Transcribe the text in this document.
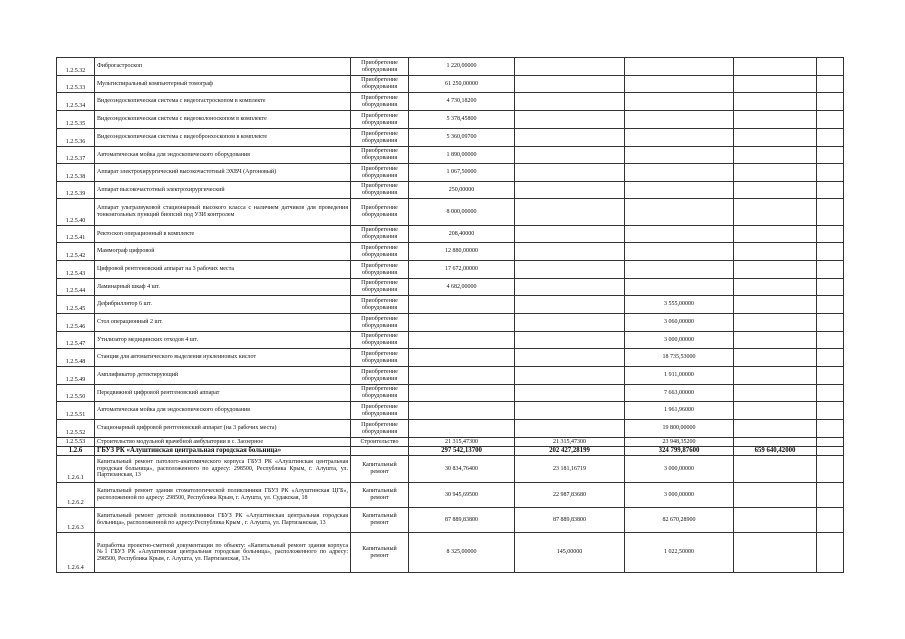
1.2.5.32	Фиброгастроскоп	Приобретение оборудования	1 220,00000				
1.2.5.33	Мультиспиральный компьютерный томограф	Приобретение оборудования	61 250,00000				
1.2.5.34	Видеоэндоскопическая система с видеогастроскопом в комплекте	Приобретение оборудования	4 730,18200				
1.2.5.35	Видеоэндоскопическая система с видеоколоноскопом в комплекте	Приобретение оборудования	5 378,45800				
1.2.5.36	Видеоэндоскопическая система с видеобронхоскопом в комплекте	Приобретение оборудования	5 360,09700				
1.2.5.37	Автоматическая мойка для эндоскопического оборудования	Приобретение оборудования	1 890,00000				
1.2.5.38	Аппарат электрохирургический высокочастотный ЭХВЧ (Аргоновый)	Приобретение оборудования	1 067,50000				
1.2.5.39	Аппарат высокочастотный электрохирургический	Приобретение оборудования	250,00000				
1.2.5.40	Аппарат ультразвуковой стационарный высокого класса с наличием датчиков для проведения тонкоигольных пункций биопсий под УЗИ контролем	Приобретение оборудования	8 000,00000				
1.2.5.41	Ректоскоп операционный в комплекте	Приобретение оборудования	208,40000				
1.2.5.42	Маммограф цифровой	Приобретение оборудования	12 880,00000				
1.2.5.43	Цифровой рентгеновский аппарат на 3 рабочих места	Приобретение оборудования	17 672,00000				
1.2.5.44	Ламинарный шкаф 4 шт.	Приобретение оборудования	4 682,00000				
1.2.5.45	Дефибриллятор 6 шт.	Приобретение оборудования			3 555,00000		
1.2.5.46	Стол операционный 2 шт.	Приобретение оборудования			3 060,00000		
1.2.5.47	Утилизатор медицинских отходов 4 шт.	Приобретение оборудования			3 000,00000		
1.2.5.48	Станция для автоматического выделения нуклеиновых кислот	Приобретение оборудования			18 735,53000		
1.2.5.49	Амплификатор детектирующий	Приобретение оборудования			1 911,00000		
1.2.5.50	Передвижной цифровой рентгеновский аппарат	Приобретение оборудования			7 663,00000		
1.2.5.51	Автоматическая мойка для эндоскопического оборудования	Приобретение оборудования			1 961,96000		
1.2.5.52	Стационарный цифровой рентгеновский аппарат (на 3 рабочих места)	Приобретение оборудования			19 800,00000		
1.2.5.53	Строительство модульной врачебной амбулатории в с. Заозерное	Строительство	21 315,47300	21 315,47300	23 948,35200		
1.2.6	ГБУЗ РК «Алуштинская центральная городская больница»		297 542,13700	202 427,28199	324 799,87600	659 640,42000	
1.2.6.1	Капитальный ремонт патолого-анатомического корпуса ГБУЗ РК «Алуштинская центральная городская больница», расположенного по адресу: 298500, Республика Крым, г. Алушта, ул. Партизанская, 13	Капитальный ремонт	30 834,76400	23 181,16719	3 000,00000		
1.2.6.2	Капитальный ремонт здания стоматологической поликлиники ГБУЗ РК «Алуштинская ЦГБ», расположенной по адресу: 298500, Республика Крым, г. Алушта, ул. Судакская, 18	Капитальный ремонт	30 945,69500	22 987,83680	3 000,00000		
1.2.6.3	Капитальный ремонт детской поликлиники ГБУЗ РК «Алуштинская центральная городская больница», расположенной по адресу:Республика Крым , г. Алушта, ул. Партизанская, 13	Капитальный ремонт	87 889,83800	87 889,83800	82 670,28900		
1.2.6.4	Разработка проектно-сметной документации по объекту: «Капитальный ремонт здания корпуса №1 ГБУЗ РК «Алуштинская центральная городская больница», расположенного по адресу: 298500, Республика Крым, г. Алушта, ул. Партизанская, 13»	Капитальный ремонт	8 325,00000	145,00000	1 022,50000		
